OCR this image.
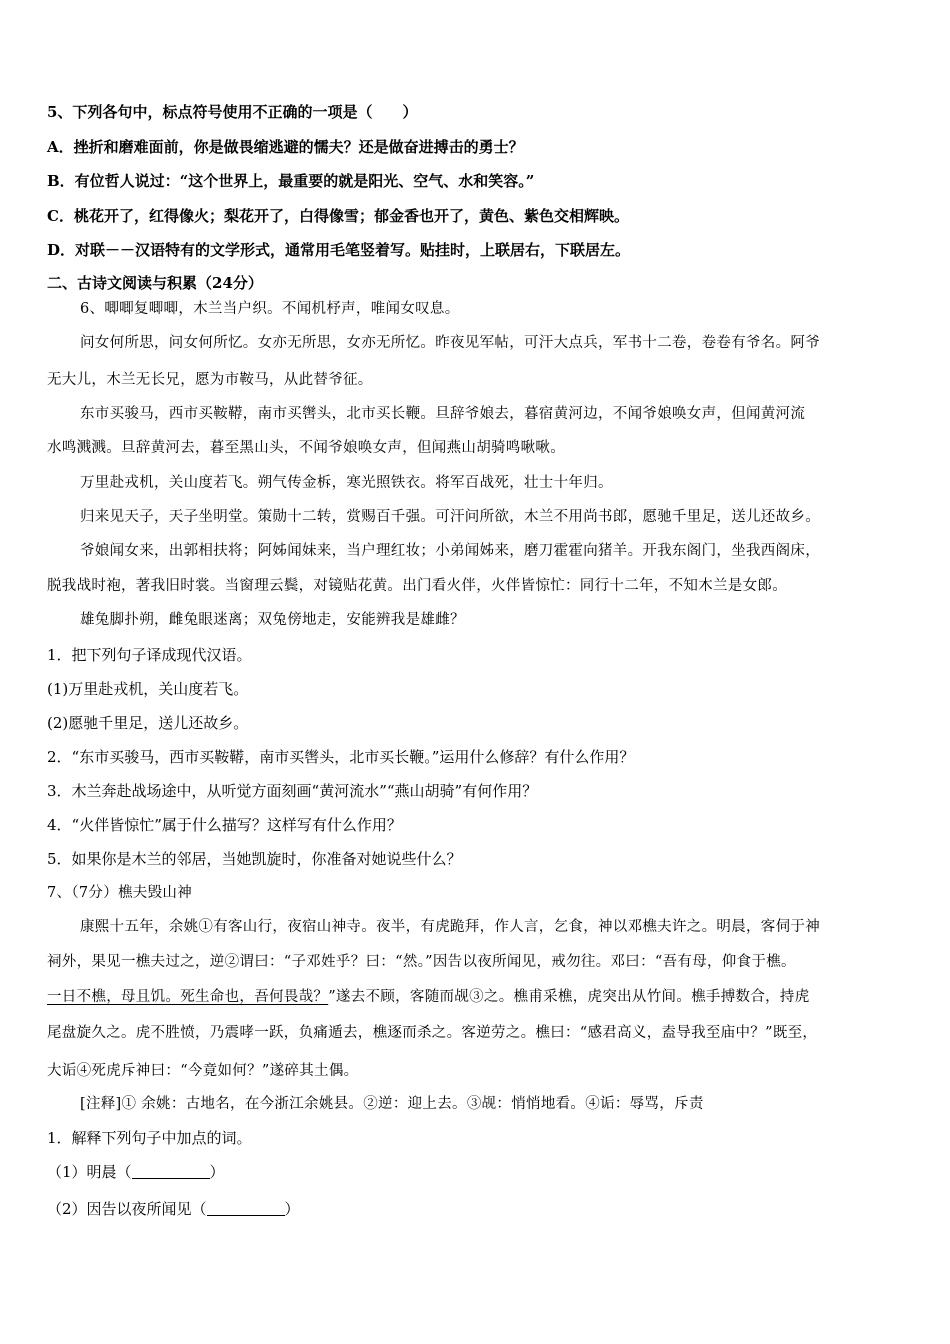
5、下列各句中，标点符号使用不正确的一项是（　　）
A．挫折和磨难面前，你是做畏缩逃避的懦夫？还是做奋进搏击的勇士？
B．有位哲人说过：“这个世界上，最重要的就是阳光、空气、水和笑容。”
C．桃花开了，红得像火；梨花开了，白得像雪；郁金香也开了，黄色、紫色交相辉映。
D．对联－－汉语特有的文学形式，通常用毛笔竖着写。贴挂时，上联居右，下联居左。
二、古诗文阅读与积累（24分）
6、唧唧复唧唧，木兰当户织。不闻机杼声，唯闻女叹息。
问女何所思，问女何所忆。女亦无所思，女亦无所忆。昨夜见军帖，可汗大点兵，军书十二卷，卷卷有爷名。阿爷
无大儿，木兰无长兄，愿为市鞍马，从此替爷征。
东市买骏马，西市买鞍鞯，南市买辔头，北市买长鞭。旦辞爷娘去，暮宿黄河边，不闻爷娘唤女声，但闻黄河流
水鸣溅溅。旦辞黄河去，暮至黑山头，不闻爷娘唤女声，但闻燕山胡骑鸣啾啾。
万里赴戎机，关山度若飞。朔气传金柝，寒光照铁衣。将军百战死，壮士十年归。
归来见天子，天子坐明堂。策勋十二转，赏赐百千强。可汗问所欲，木兰不用尚书郎，愿驰千里足，送儿还故乡。
爷娘闻女来，出郭相扶将；阿姊闻妹来，当户理红妆；小弟闻姊来，磨刀霍霍向猪羊。开我东阁门，坐我西阁床，
脱我战时袍，著我旧时裳。当窗理云鬓，对镜贴花黄。出门看火伴，火伴皆惊忙：同行十二年，不知木兰是女郎。
雄兔脚扑朔，雌兔眼迷离；双兔傍地走，安能辨我是雄雌？
1．把下列句子译成现代汉语。
(1)万里赴戎机，关山度若飞。
(2)愿驰千里足，送儿还故乡。
2．“东市买骏马，西市买鞍鞯，南市买辔头，北市买长鞭。”运用什么修辞？有什么作用？
3．木兰奔赴战场途中，从听觉方面刻画“黄河流水”“燕山胡骑”有何作用？
4．“火伴皆惊忙”属于什么描写？这样写有什么作用？
5．如果你是木兰的邻居，当她凯旋时，你准备对她说些什么？
7、（7分）樵夫毁山神
康熙十五年，余姚①有客山行，夜宿山神寺。夜半，有虎跪拜，作人言，乞食，神以邓樵夫许之。明晨，客伺于神
祠外，果见一樵夫过之，逆②谓曰：“子邓姓乎？曰：“然。”因告以夜所闻见，戒勿往。邓曰：“吾有母，仰食于樵。
一日不樵，母且饥。死生命也，吾何畏哉？”遂去不顾，客随而觇③之。樵甫采樵，虎突出从竹间。樵手搏数合，持虎
尾盘旋久之。虎不胜愤，乃震哮一跃，负痛遁去，樵逐而杀之。客逆劳之。樵曰：“感君高义，盍导我至庙中？”既至，
大诟④死虎斥神曰：“今竟如何？”遂碎其土偶。
[注释]① 余姚：古地名，在今浙江余姚县。②逆：迎上去。③觇：悄悄地看。④诟：辱骂，斥责
1．解释下列句子中加点的词。
（1）明晨（	）
（2）因告以夜所闻见（	）
